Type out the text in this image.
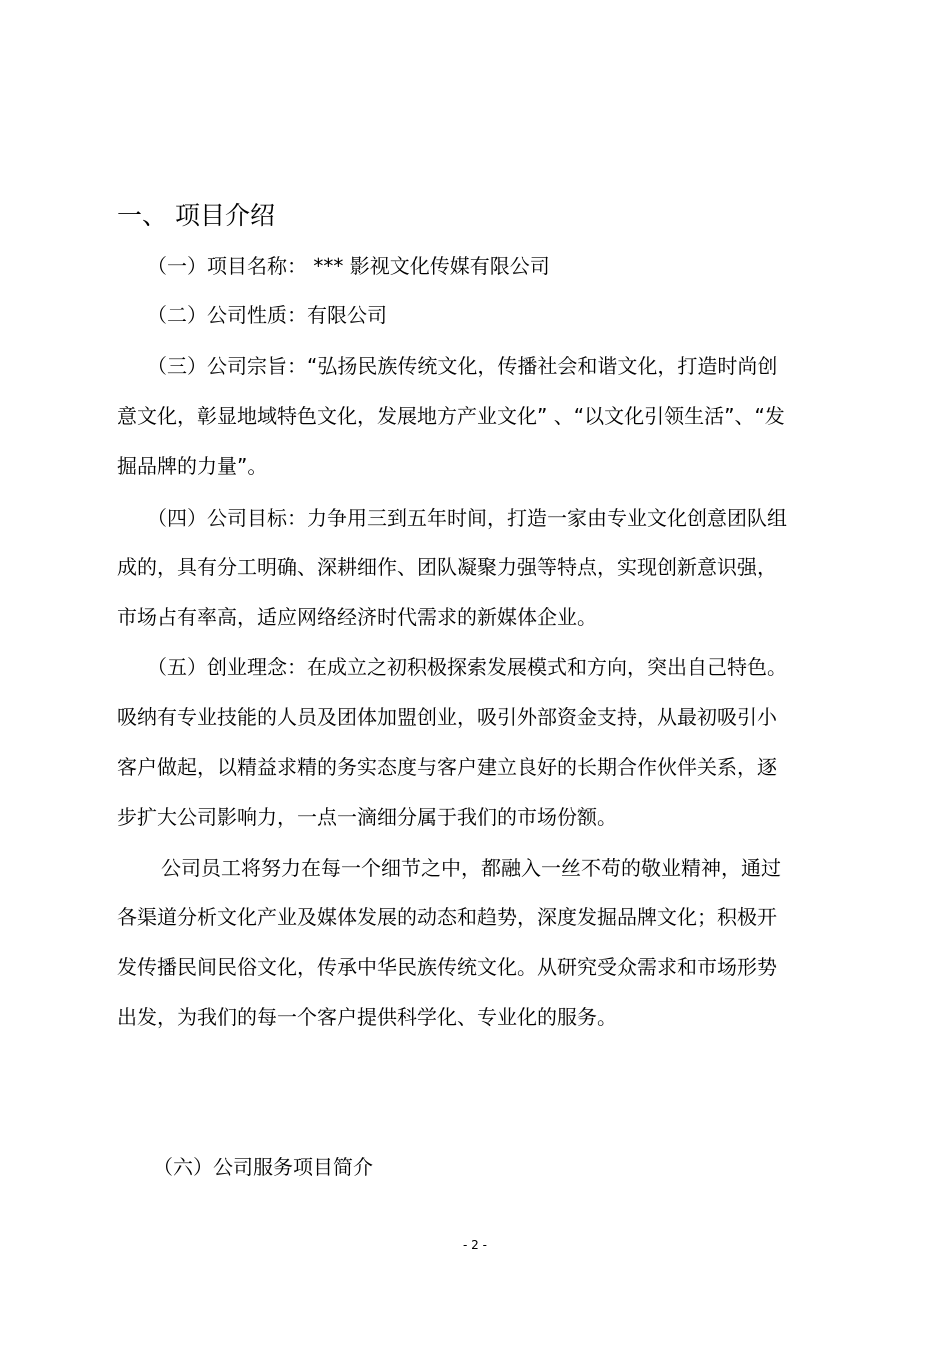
一、 项目介绍
（一）项目名称： *** 影视文化传媒有限公司
（二）公司性质：有限公司
（三）公司宗旨：“弘扬民族传统文化，传播社会和谐文化，打造时尚创
意文化，彰显地域特色文化，发展地方产业文化” 、“以文化引领生活”、“发
掘品牌的力量”。
（四）公司目标：力争用三到五年时间，打造一家由专业文化创意团队组
成的，具有分工明确、深耕细作、团队凝聚力强等特点，实现创新意识强，
市场占有率高，适应网络经济时代需求的新媒体企业。
（五）创业理念：在成立之初积极探索发展模式和方向，突出自己特色。
吸纳有专业技能的人员及团体加盟创业，吸引外部资金支持，从最初吸引小
客户做起，以精益求精的务实态度与客户建立良好的长期合作伙伴关系，逐
步扩大公司影响力，一点一滴细分属于我们的市场份额。
公司员工将努力在每一个细节之中，都融入一丝不苟的敬业精神，通过
各渠道分析文化产业及媒体发展的动态和趋势，深度发掘品牌文化；积极开
发传播民间民俗文化，传承中华民族传统文化。从研究受众需求和市场形势
出发，为我们的每一个客户提供科学化、专业化的服务。
（六）公司服务项目简介
- 2 -
